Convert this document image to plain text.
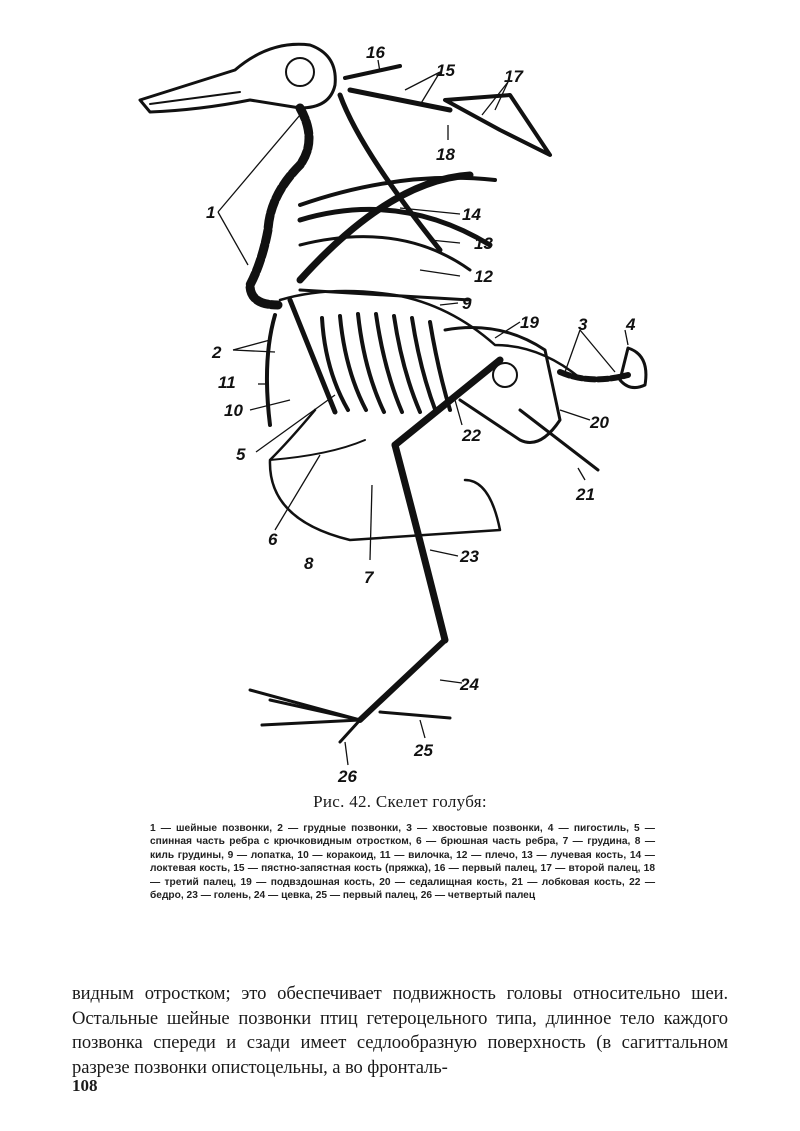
1
2
3 4
5
6
7
8
9
11
10
12
13
14
15
16
17
18
19
20
21
22
23
24
25
26
Рис. 42. Скелет голубя:
1 — шейные позвонки, 2 — грудные позвонки, 3 — хвостовые позвонки, 4 — пигостиль, 5 — спинная часть ребра с крючковидным отростком, 6 — брюшная часть ребра, 7 — грудина, 8 — киль грудины, 9 — лопатка, 10 — коракоид, 11 — вилочка, 12 — плечо, 13 — лучевая кость, 14 — локтевая кость, 15 — пястно-запястная кость (пряжка), 16 — первый палец, 17 — второй палец, 18 — третий палец, 19 — подвздошная кость, 20 — седалищная кость, 21 — лобковая кость, 22 — бедро, 23 — голень, 24 — цевка, 25 — первый палец, 26 — четвертый палец
видным отростком; это обеспечивает подвижность головы относительно шеи. Остальные шейные позвонки птиц гетероцельного типа, длинное тело каждого позвонка спереди и сзади имеет седлообразную поверхность (в сагиттальном разрезе позвонки опистоцельны, а во фронталь-
108
